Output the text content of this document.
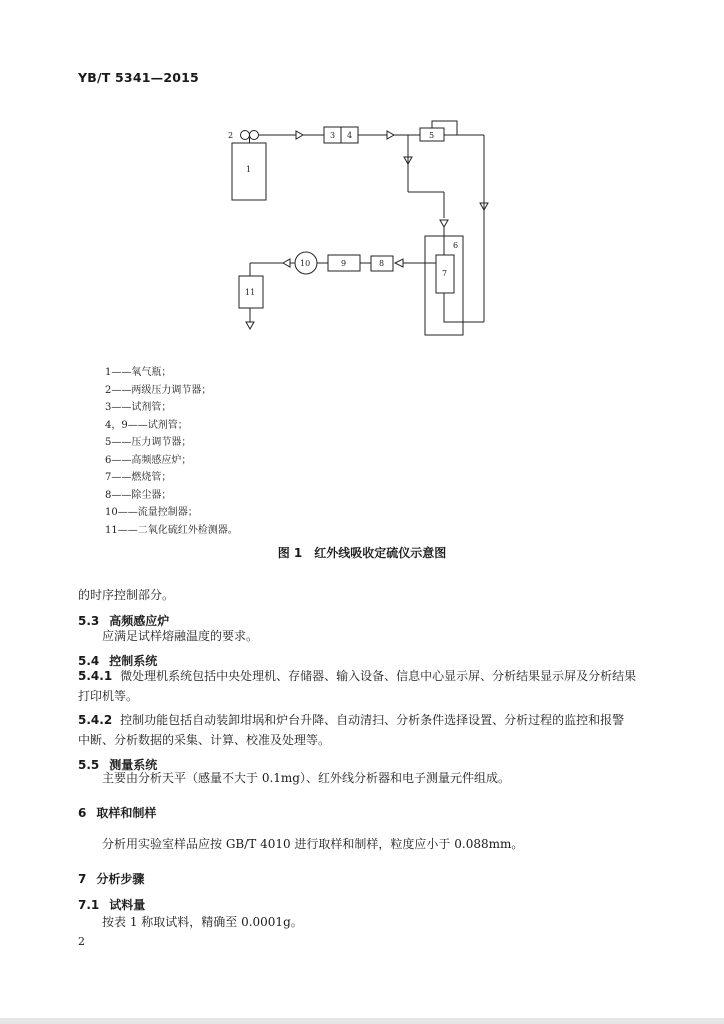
YB/T 5341—2015
1
2	3 4	5
6
7
8
9
10
11
1——氧气瓶；
2——两级压力调节器；
3——试剂管；
4，9——试剂管；
5——压力调节器；
6——高频感应炉；
7——燃烧管；
8——除尘器；
10——流量控制器；
11——二氧化硫红外检测器。
图 1　红外线吸收定硫仪示意图
的时序控制部分。
5.3 高频感应炉
应满足试样熔融温度的要求。
5.4 控制系统
5.4.1 微处理机系统包括中央处理机、存储器、输入设备、信息中心显示屏、分析结果显示屏及分析结果
打印机等。
5.4.2 控制功能包括自动装卸坩埚和炉台升降、自动清扫、分析条件选择设置、分析过程的监控和报警
中断、分析数据的采集、计算、校准及处理等。
5.5 测量系统
主要由分析天平（感量不大于 0.1mg）、红外线分析器和电子测量元件组成。
6 取样和制样
分析用实验室样品应按 GB/T 4010 进行取样和制样，粒度应小于 0.088mm。
7 分析步骤
7.1 试料量
按表 1 称取试料，精确至 0.0001g。
2
